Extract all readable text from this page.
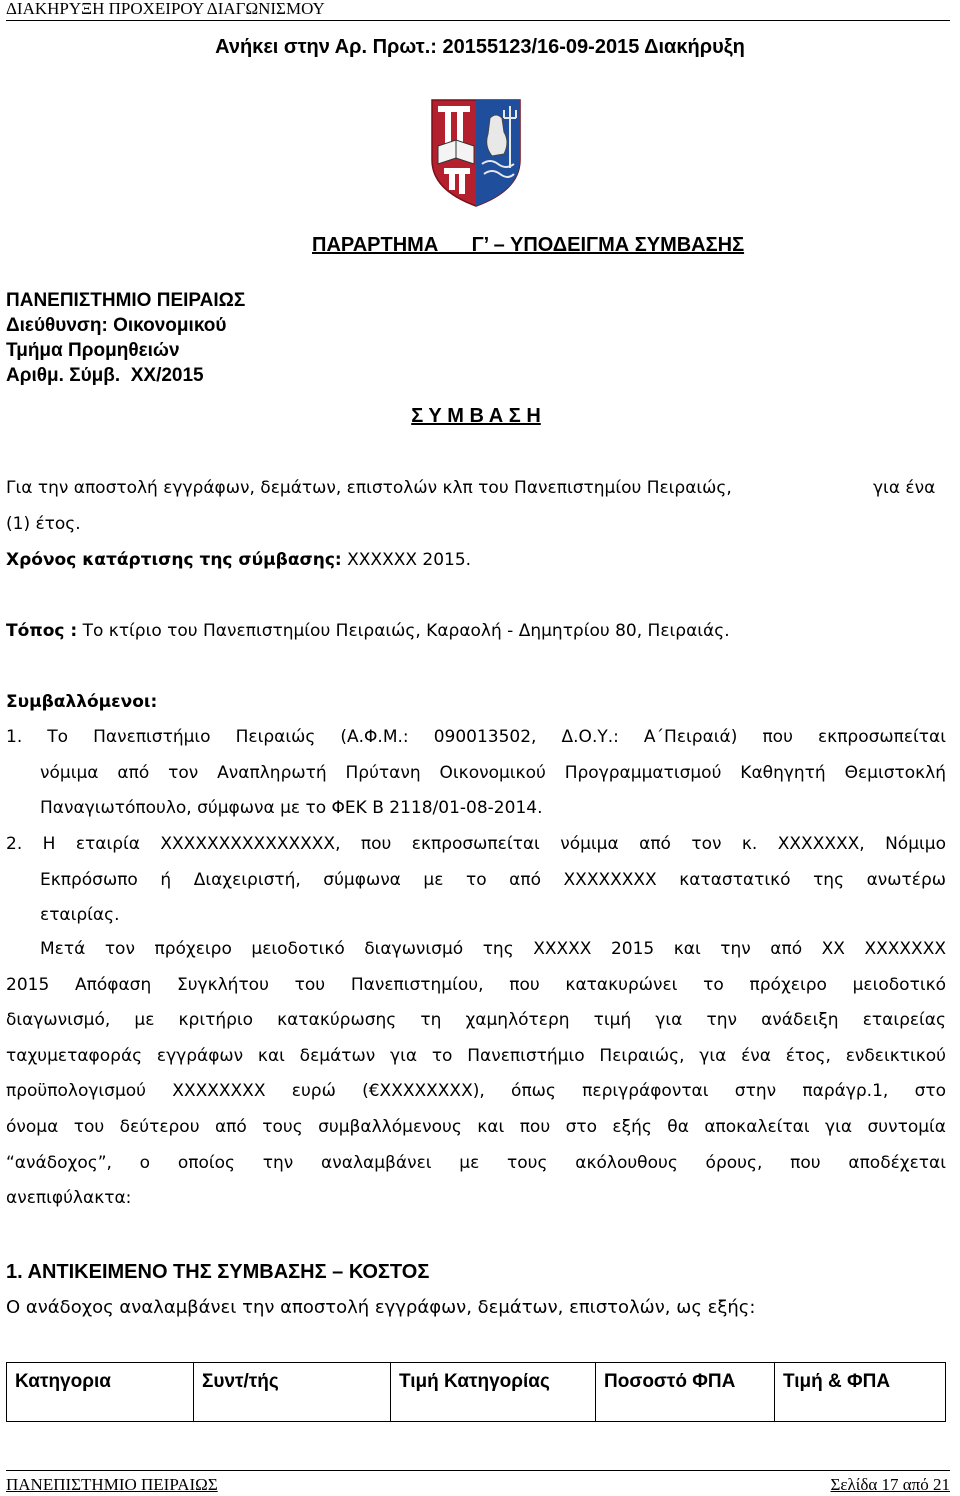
ΔΙΑΚΗΡΥΞΗ ΠΡΟΧΕΙΡΟΥ ΔΙΑΓΩΝΙΣΜΟΥ
Ανήκει στην Αρ. Πρωτ.: 20155123/16-09-2015 Διακήρυξη
ΠΑΡΑΡΤΗΜΑ      Γ’ – ΥΠΟΔΕΙΓΜΑ ΣΥΜΒΑΣΗΣ
ΠΑΝΕΠΙΣΤΗΜΙΟ ΠΕΙΡΑΙΩΣ
Διεύθυνση: Οικονομικού
Τμήμα Προμηθειών
Αριθμ. Σύμβ.  ΧΧ/2015
Σ Υ Μ Β Α Σ Η
Για την αποστολή εγγράφων, δεμάτων, επιστολών κλπ του Πανεπιστημίου Πειραιώς,	για ένα
(1) έτος.
Χρόνος κατάρτισης της σύμβασης: ΧΧΧΧΧΧ 2015.
Τόπος : Το κτίριο του Πανεπιστημίου Πειραιώς, Καραολή - Δημητρίου 80, Πειραιάς.
Συμβαλλόμενοι:
1. Το Πανεπιστήμιο Πειραιώς (Α.Φ.Μ.: 090013502, Δ.Ο.Υ.: Α΄Πειραιά) που εκπροσωπείται
νόμιμα από τον Αναπληρωτή Πρύτανη Οικονομικού Προγραμματισμού Καθηγητή Θεμιστοκλή
Παναγιωτόπουλο, σύμφωνα με το ΦΕΚ Β 2118/01-08-2014.
2. Η εταιρία ΧΧΧΧΧΧΧΧΧΧΧΧΧΧΧ, που εκπροσωπείται νόμιμα από τον κ. ΧΧΧΧΧΧΧ, Νόμιμο
Εκπρόσωπο ή Διαχειριστή, σύμφωνα με το από ΧΧΧΧΧΧΧΧ καταστατικό της ανωτέρω
εταιρίας.
Μετά τον πρόχειρο μειοδοτικό διαγωνισμό της ΧΧΧΧΧ 2015 και την από ΧΧ ΧΧΧΧΧΧΧ
2015 Απόφαση Συγκλήτου του Πανεπιστημίου, που κατακυρώνει το πρόχειρο μειοδοτικό
διαγωνισμό, με κριτήριο κατακύρωσης τη χαμηλότερη τιμή για την ανάδειξη εταιρείας
ταχυμεταφοράς εγγράφων και δεμάτων για το Πανεπιστήμιο Πειραιώς, για ένα έτος, ενδεικτικού
προϋπολογισμού ΧΧΧΧΧΧΧΧ ευρώ (€ΧΧΧΧΧΧΧΧ), όπως περιγράφονται στην παράγρ.1, στο
όνομα του δεύτερου από τους συμβαλλόμενους και που στο εξής θα αποκαλείται για συντομία
“ανάδοχος”, ο οποίος την αναλαμβάνει με τους ακόλουθους όρους, που αποδέχεται
ανεπιφύλακτα:
1. ΑΝΤΙΚΕΙΜΕΝΟ ΤΗΣ ΣΥΜΒΑΣΗΣ – ΚΟΣΤΟΣ
Ο ανάδοχος αναλαμβάνει την αποστολή εγγράφων, δεμάτων, επιστολών, ως εξής:
Κατηγορια	Συντ/τής	Τιμή Κατηγορίας	Ποσοστό ΦΠΑ	Τιμή & ΦΠΑ
ΠΑΝΕΠΙΣΤΗΜΙΟ ΠΕΙΡΑΙΩΣ	Σελίδα 17 από 21
